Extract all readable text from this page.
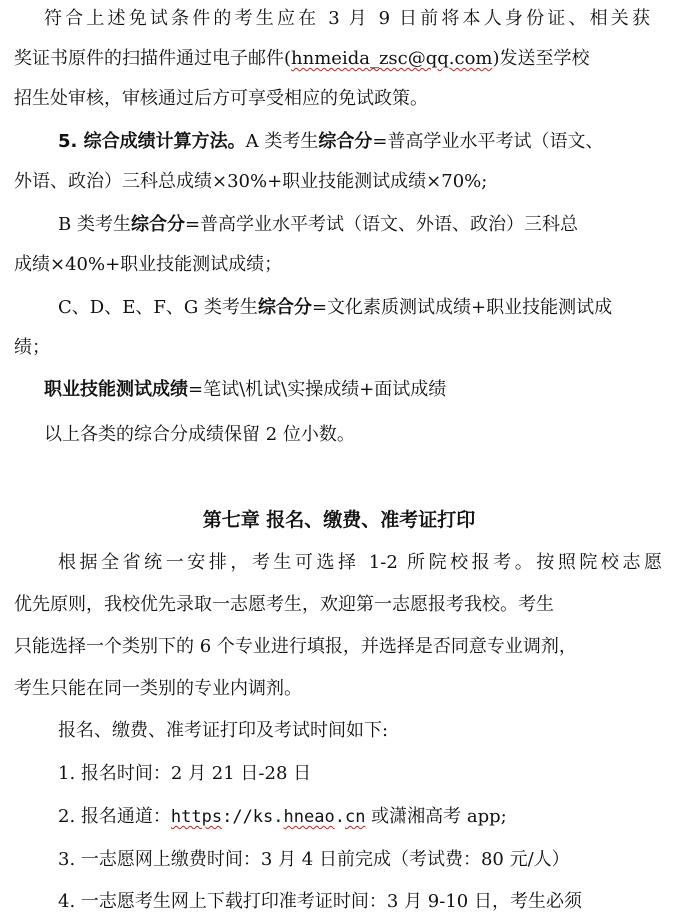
符合上述免试条件的考生应在 3 月 9 日前将本人身份证、相关获
奖证书原件的扫描件通过电子邮件(hnmeida_zsc@qq.com)发送至学校
招生处审核，审核通过后方可享受相应的免试政策。
5. 综合成绩计算方法。A 类考生综合分=普高学业水平考试（语文、
外语、政治）三科总成绩×30%+职业技能测试成绩×70%;
B 类考生综合分=普高学业水平考试（语文、外语、政治）三科总
成绩×40%+职业技能测试成绩；
C、D、E、F、G 类考生综合分=文化素质测试成绩+职业技能测试成
绩；
职业技能测试成绩=笔试\机试\实操成绩+面试成绩
以上各类的综合分成绩保留 2 位小数。
第七章 报名、缴费、准考证打印
根据全省统一安排，考生可选择 1-2 所院校报考。按照院校志愿
优先原则，我校优先录取一志愿考生，欢迎第一志愿报考我校。考生
只能选择一个类别下的 6 个专业进行填报，并选择是否同意专业调剂，
考生只能在同一类别的专业内调剂。
报名、缴费、准考证打印及考试时间如下:
1. 报名时间：2 月 21 日-28 日
2. 报名通道：https://ks.hneao.cn 或潇湘高考 app;
3. 一志愿网上缴费时间：3 月 4 日前完成（考试费：80 元/人）
4. 一志愿考生网上下载打印准考证时间：3 月 9-10 日，考生必须
